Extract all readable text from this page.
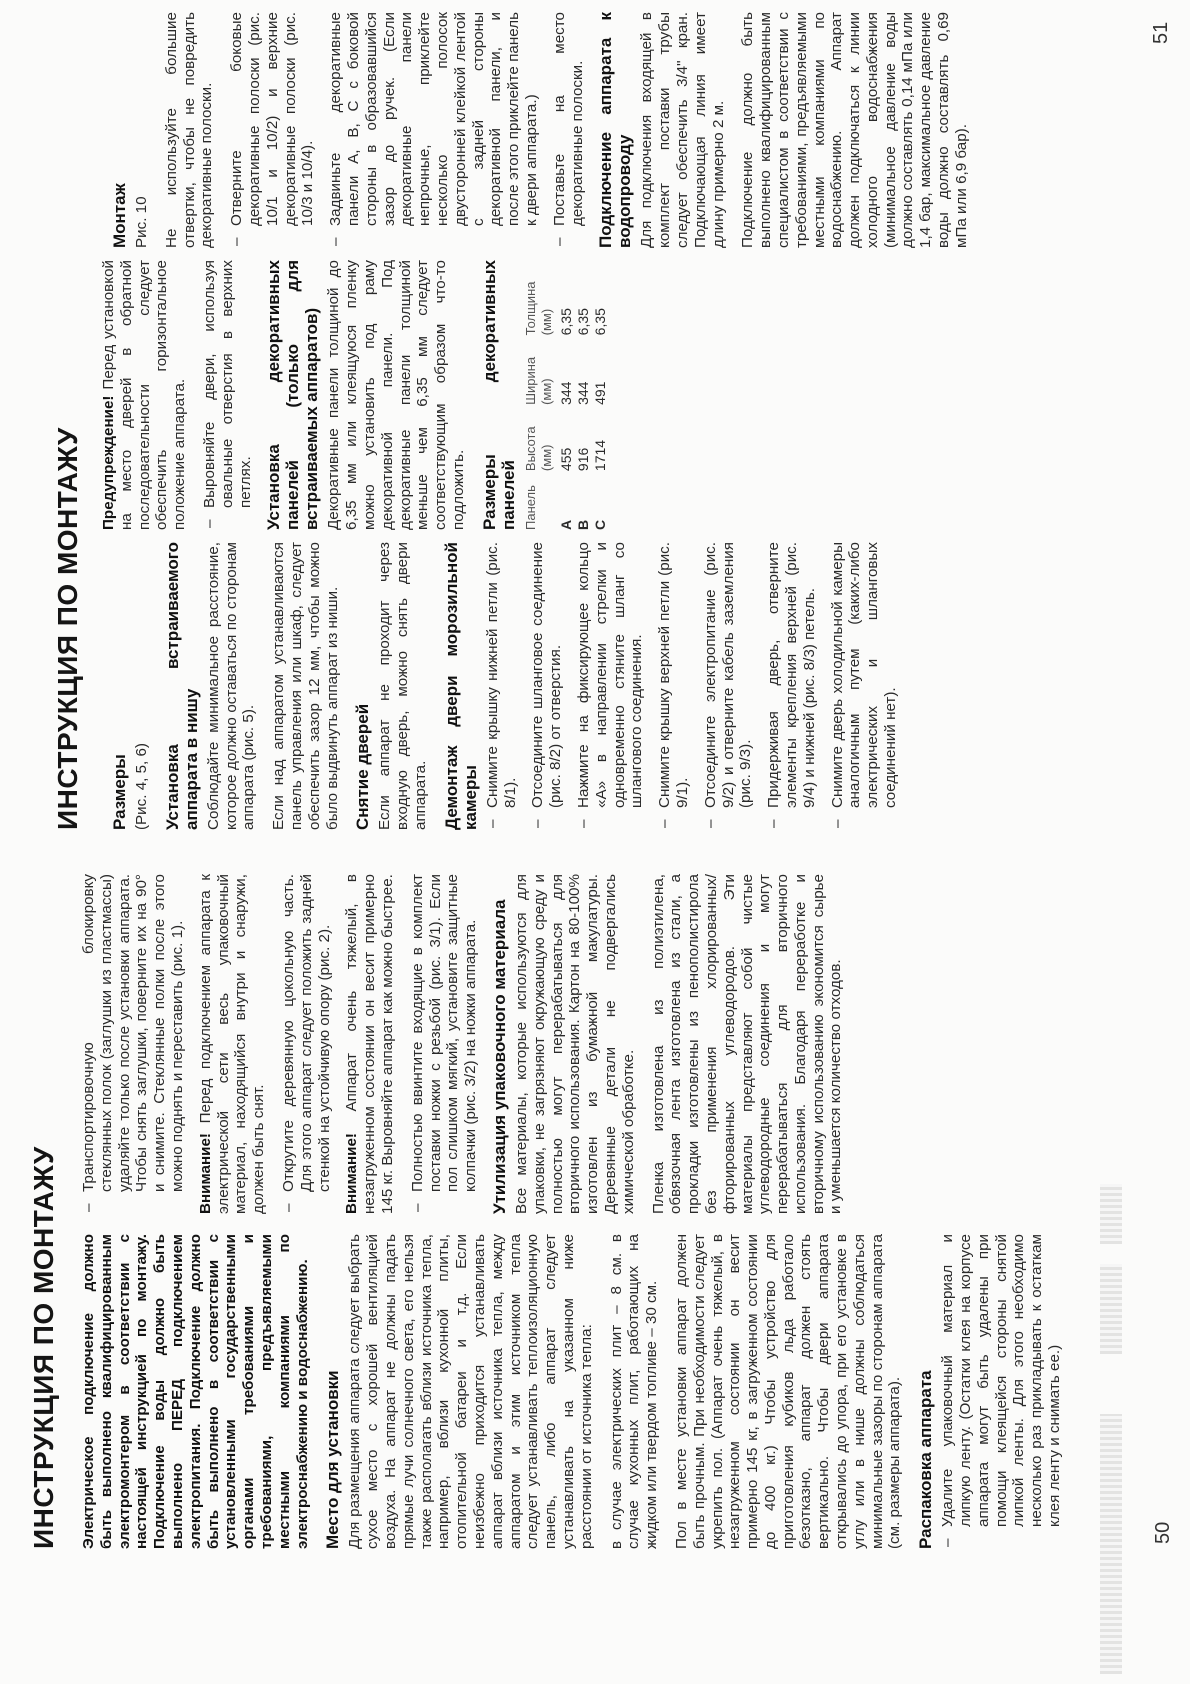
ИНСТРУКЦИЯ ПО МОНТАЖУ Электрическое подключение должно быть выполнено квалифицированным электромонтером в соответствии с настоящей инструкцией по монтажу. Подключение воды должно быть выполнено ПЕРЕД подключением электропитания. Подключение должно быть выполнено в соответствии с установленными государственными органами требованиями и требованиями, предъявляемыми местными компаниями по электроснабжению и водоснабжению. Место для установки Для размещения аппарата следует выбрать сухое место с хорошей вентиляцией воздуха. На аппарат не должны падать прямые лучи солнечного света, его нельзя также располагать вблизи источника тепла, например, вблизи кухонной плиты, отопительной батареи и т.д. Если неизбежно приходится устанавливать аппарат вблизи источника тепла, между аппаратом и этим источником тепла следует устанавливать теплоизоляционную панель, либо аппарат следует устанавливать на указанном ниже расстоянии от источника тепла: в случае электрических плит – 8 см. в случае кухонных плит, работающих на жидком или твердом топливе – 30 см. Пол в месте установки аппарат должен быть прочным. При необходимости следует укрепить пол. (Аппарат очень тяжелый, в незагруженном состоянии он весит примерно 145 кг, в загруженном состоянии до 400 кг.) Чтобы устройство для приготовления кубиков льда работало безотказно, аппарат должен стоять вертикально. Чтобы двери аппарата открывались до упора, при его установке в углу или в нише должны соблюдаться минимальные зазоры по сторонам аппарата (см. размеры аппарата). Распаковка аппарата – Удалите упаковочный материал и липкую ленту. (Остатки клея на корпусе аппарата могут быть удалены при помощи клеящейся стороны снятой липкой ленты. Для этого необходимо несколько раз прикладывать к остаткам клея ленту и снимать ее.)
– Транспортировочную блокировку стеклянных полок (заглушки из пластмассы) удаляйте только после установки аппарата. Чтобы снять заглушки, поверните их на 90° и снимите. Стеклянные полки после этого можно поднять и переставить (рис. 1). Внимание! Перед подключением аппарата к электрической сети весь упаковочный материал, находящийся внутри и снаружи, должен быть снят. – Открутите деревянную цокольную часть. Для этого аппарат следует положить задней стенкой на устойчивую опору (рис. 2). Внимание! Аппарат очень тяжелый, в незагруженном состоянии он весит примерно 145 кг. Выровняйте аппарат как можно быстрее. – Полностью ввинтите входящие в комплект поставки ножки с резьбой (рис. 3/1). Если пол слишком мягкий, установите защитные колпачки (рис. 3/2) на ножки аппарата. Утилизация упаковочного материала Все материалы, которые используются для упаковки, не загрязняют окружающую среду и полностью могут перерабатываться для вторичного использования. Картон на 80-100% изготовлен из бумажной макулатуры. Деревянные детали не подвергались химической обработке. Пленка изготовлена из полиэтилена, обвязочная лента изготовлена из стали, а прокладки изготовлены из пенополистирола без применения хлорированных/ фторированных углеводородов. Эти материалы представляют собой чистые углеводородные соединения и могут перерабатываться для вторичного использования. Благодаря переработке и вторичному использованию экономится сырье и уменьшается количество отходов.

50
ИНСТРУКЦИЯ ПО МОНТАЖУ Размеры (Рис. 4, 5, 6) Установка встраиваемого аппарата в нишу Соблюдайте минимальное расстояние, которое должно оставаться по сторонам аппарата (рис. 5). Если над аппаратом устанавливаются панель управления или шкаф, следует обеспечить зазор 12 мм, чтобы можно было выдвинуть аппарат из ниши. Снятие дверей Если аппарат не проходит через входную дверь, можно снять двери аппарата. Демонтаж двери морозильной камеры – Снимите крышку нижней петли (рис. 8/1). – Отсоедините шланговое соединение (рис. 8/2) от отверстия. – Нажмите на фиксирующее кольцо «А» в направлении стрелки и одновременно стяните шланг со шлангового соединения. – Снимите крышку верхней петли (рис. 9/1). – Отсоедините электропитание (рис. 9/2) и отверните кабель заземления (рис. 9/3). – Придерживая дверь, отверните элементы крепления верхней (рис. 9/4) и нижней (рис. 8/3) петель. – Снимите дверь холодильной камеры аналогичным путем (каких-либо электрических и шланговых соединений нет).

Предупреждение! Перед установкой на место дверей в обратной последовательности следует обеспечить горизонтальное положение аппарата. – Выровняйте двери, используя овальные отверстия в верхних петлях. Установка декоративных панелей (только для встраиваемых аппаратов) Декоративные панели толщиной до 6,35 мм или клеящуюся пленку можно установить под раму декоративной панели. Под декоративные панели толщиной меньше чем 6,35 мм следует соответствующим образом что-то подложить. Размеры декоративных панелей Панель	Высота (мм)	Ширина (мм)	Толщина (мм)
A	455	344	6,35
B	916	344	6,35
C	1714	491	6,35
Монтаж Рис. 10 Не используйте большие отвертки, чтобы не повредить декоративные полоски. – Отверните боковые декоративные полоски (рис. 10/1 и 10/2) и верхние декоративные полоски (рис. 10/3 и 10/4). – Задвиньте декоративные панели A, B, C с боковой стороны в образовавшийся зазор до ручек. (Если декоративные панели непрочные, приклейте несколько полосок двусторонней клейкой лентой с задней стороны декоративной панели, и после этого приклейте панель к двери аппарата.) – Поставьте на место декоративные полоски. Подключение аппарата к водопроводу Для подключения входящей в комплект поставки трубы следует обеспечить 3/4" кран. Подключающая линия имеет длину примерно 2 м. Подключение должно быть выполнено квалифицированным специалистом в соответствии с требованиями, предъявляемыми местными компаниями по водоснабжению. Аппарат должен подключаться к линии холодного водоснабжения (минимальное давление воды должно составлять 0,14 мПа или 1,4 бар, максимальное давление воды должно составлять 0,69 мПа или 6,9 бар).

51
